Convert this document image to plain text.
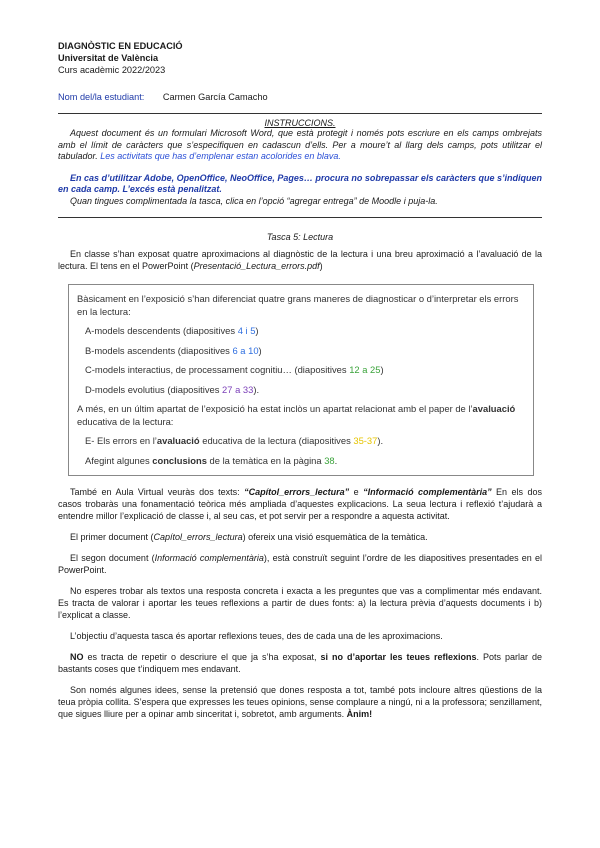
DIAGNÒSTIC EN EDUCACIÓ
Universitat de València
Curs acadèmic 2022/2023
Nom del/la estudiant: Carmen García Camacho
INSTRUCCIONS.

Aquest document és un formulari Microsoft Word, que està protegit i només pots escriure en els camps ombrejats amb el límit de caràcters que s’especifiquen en cadascun d’ells. Per a moure’t al llarg dels camps, pots utilitzar el tabulador. Les activitats que has d’emplenar estan acolorides en blava.

En cas d’utilitzar Adobe, OpenOffice, NeoOffice, Pages… procura no sobrepassar els caràcters que s’indiquen en cada camp. L’excés està penalitzat.

Quan tingues complimentada la tasca, clica en l’opció “agregar entrega” de Moodle i puja-la.

Tasca 5: Lectura

En classe s’han exposat quatre aproximacions al diagnòstic de la lectura i una breu aproximació a l’avaluació de la lectura. El tens en el PowerPoint (Presentació_Lectura_errors.pdf)

Bàsicament en l’exposició s’han diferenciat quatre grans maneres de diagnosticar o d’interpretar els errors en la lectura:
A-models descendents (diapositives 4 i 5)
B-models ascendents (diapositives 6 a 10)
C-models interactius, de processament cognitiu… (diapositives 12 a 25)
D-models evolutius (diapositives 27 a 33).
A més, en un últim apartat de l’exposició ha estat inclòs un apartat relacionat amb el paper de l’avaluació educativa de la lectura:
E- Els errors en l’avaluació educativa de la lectura (diapositives 35-37).
Afegint algunes conclusions de la temàtica en la pàgina 38.

També en Aula Virtual veuràs dos texts: “Capítol_errors_lectura” e “Informació complementària” En els dos casos trobaràs una fonamentació teòrica més ampliada d’aquestes explicacions. La seua lectura i reflexió t’ajudarà a entendre millor l’explicació de classe i, al seu cas, et pot servir per a respondre a aquesta activitat.

El primer document (Capítol_errors_lectura) ofereix una visió esquemàtica de la temàtica.

El segon document (Informació complementària), està construït seguint l’ordre de les diapositives presentades en el PowerPoint.

No esperes trobar als textos una resposta concreta i exacta a les preguntes que vas a complimentar més endavant. Es tracta de valorar i aportar les teues reflexions a partir de dues fonts: a) la lectura prèvia d’aquests documents i b) l’explicat a classe.

L’objectiu d’aquesta tasca és aportar reflexions teues, des de cada una de les aproximacions.

NO es tracta de repetir o descriure el que ja s’ha exposat, si no d’aportar les teues reflexions. Pots parlar de bastants coses que t’indiquem mes endavant.

Son només algunes idees, sense la pretensió que dones resposta a tot, també pots incloure altres qüestions de la teua pròpia collita. S’espera que expresses les teues opinions, sense complaure a ningú, ni a la professora; senzillament, que sigues lliure per a opinar amb sinceritat i, sobretot, amb arguments. Ànim!
